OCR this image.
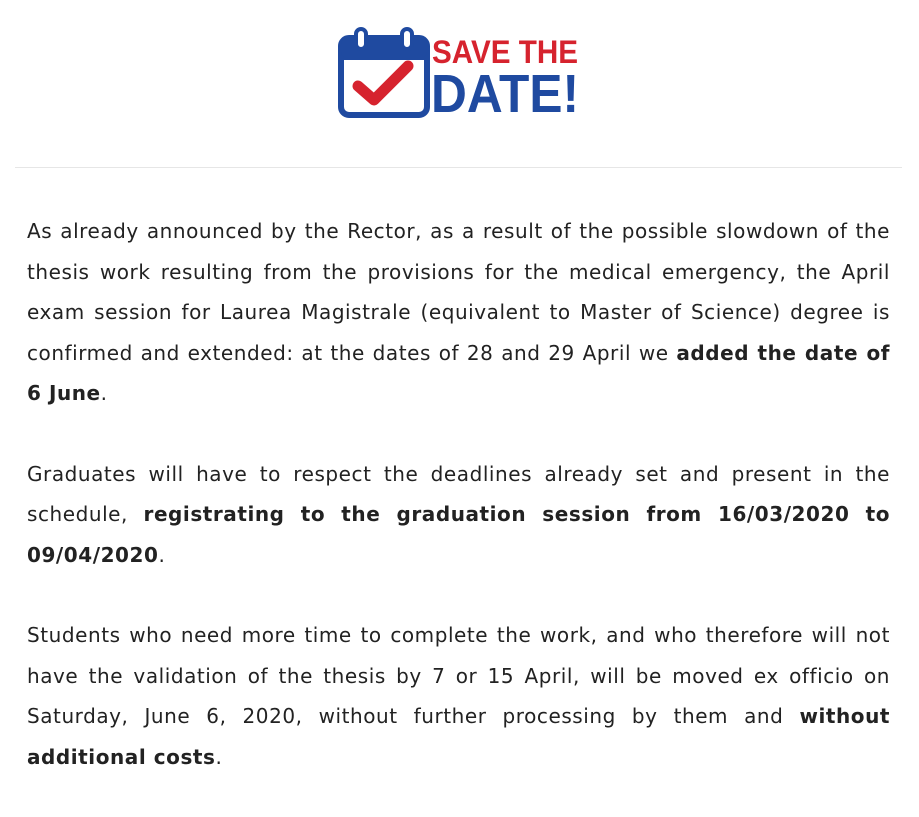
SAVE THE
DATE!

As already announced by the Rector, as a result of the possible slowdown of the thesis work resulting from the provisions for the medical emergency, the April exam session for Laurea Magistrale (equivalent to Master of Science) degree is confirmed and extended: at the dates of 28 and 29 April we added the date of 6 June.

Graduates will have to respect the deadlines already set and present in the schedule, registrating to the graduation session from 16/03/2020 to 09/04/2020.

Students who need more time to complete the work, and who therefore will not have the validation of the thesis by 7 or 15 April, will be moved ex officio on Saturday, June 6, 2020, without further processing by them and without additional costs.
